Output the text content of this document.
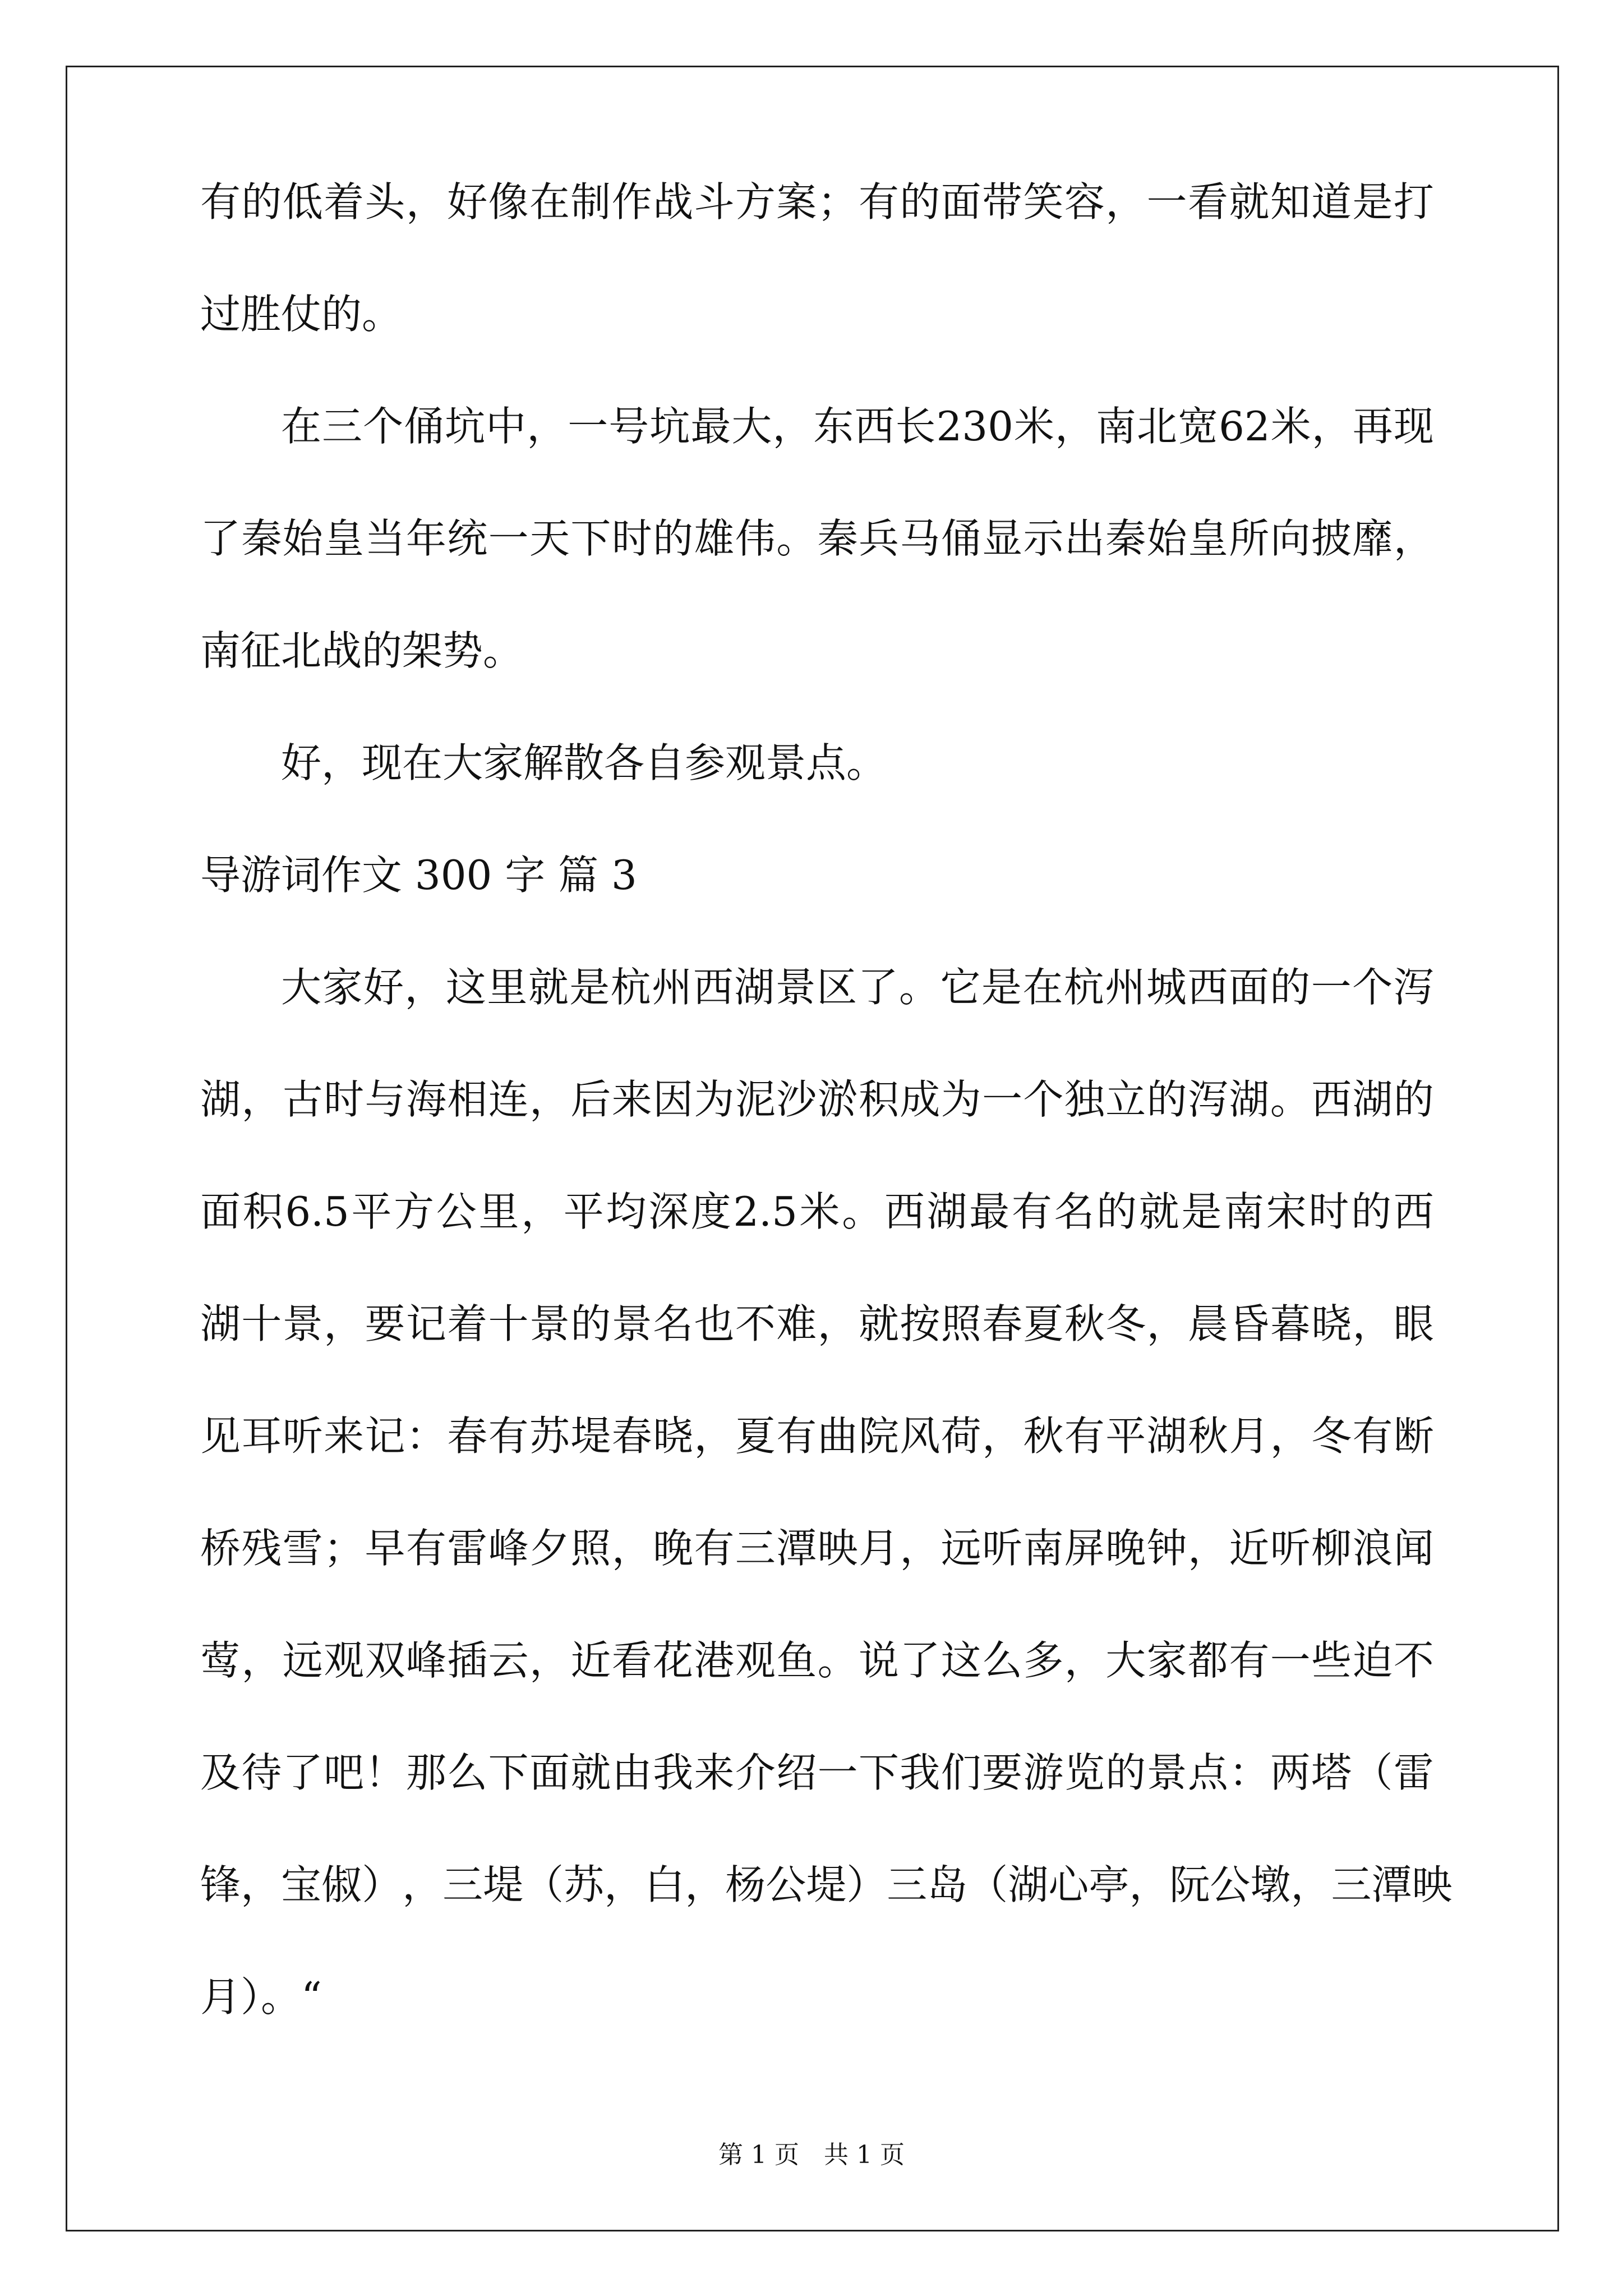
有 的 低 着 头 ， 好 像 在 制 作 战 斗 方 案 ； 有 的 面 带 笑 容 ， 一 看 就 知 道 是 打
过胜仗的。
在 三 个 俑 坑 中 ， 一 号 坑 最 大 ， 东 西 长 230 米 ， 南 北 宽 62 米 ， 再 现
了 秦 始 皇 当 年 统 一 天 下 时 的 雄 伟 。 秦 兵 马 俑 显 示 出 秦 始 皇 所 向 披 靡 ，
南征北战的架势。
好，现在大家解散各自参观景点。
导游词作文 300 字 篇 3
大 家 好 ， 这 里 就 是 杭 州 西 湖 景 区 了 。 它 是 在 杭 州 城 西 面 的 一 个 泻
湖 ， 古 时 与 海 相 连 ， 后 来 因 为 泥 沙 淤 积 成 为 一 个 独 立 的 泻 湖 。 西 湖 的
面 积 6.5 平 方 公 里 ， 平 均 深 度 2.5 米 。 西 湖 最 有 名 的 就 是 南 宋 时 的 西
湖 十 景 ， 要 记 着 十 景 的 景 名 也 不 难 ， 就 按 照 春 夏 秋 冬 ， 晨 昏 暮 晓 ， 眼
见 耳 听 来 记 ： 春 有 苏 堤 春 晓 ， 夏 有 曲 院 风 荷 ， 秋 有 平 湖 秋 月 ， 冬 有 断
桥 残 雪 ； 早 有 雷 峰 夕 照 ， 晚 有 三 潭 映 月 ， 远 听 南 屏 晚 钟 ， 近 听 柳 浪 闻
莺 ， 远 观 双 峰 插 云 ， 近 看 花 港 观 鱼 。 说 了 这 么 多 ， 大 家 都 有 一 些 迫 不
及 待 了 吧 ！ 那 么 下 面 就 由 我 来 介 绍 一 下 我 们 要 游 览 的 景 点 ： 两 塔 （ 雷
锋 ， 宝 俶 ） ， 三 堤 （ 苏 ， 白 ， 杨 公 堤 ） 三 岛 （ 湖 心 亭 ， 阮 公 墩 ， 三 潭 映
月）。“
第 1 页　共 1 页
